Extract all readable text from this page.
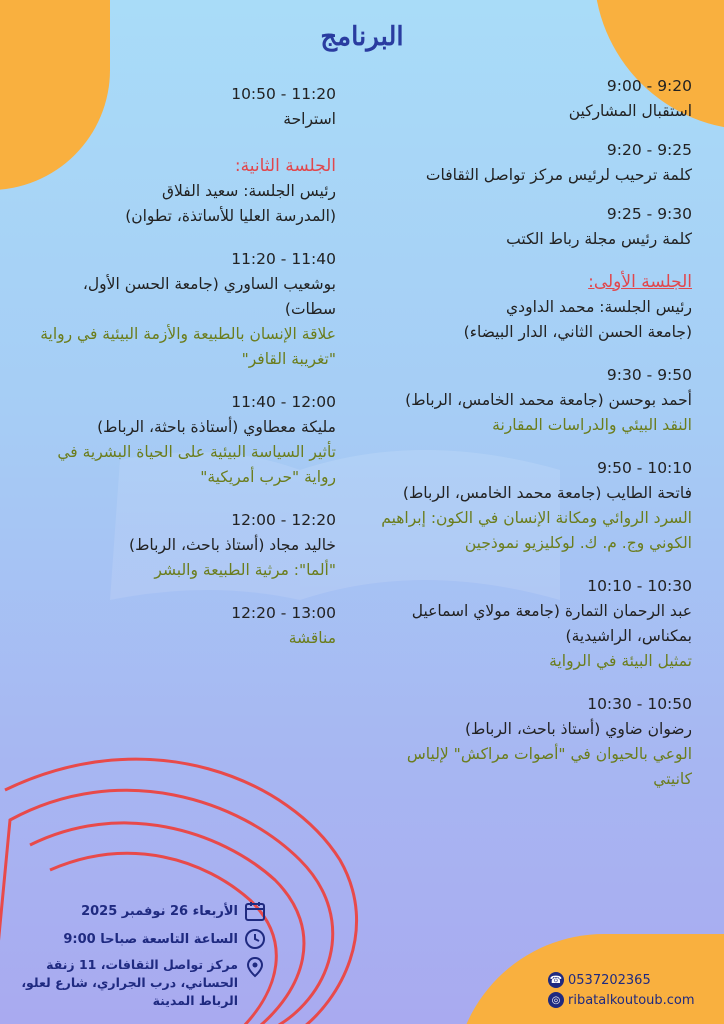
البرنامج
9:20 - 9:00
استقبال المشاركين
9:25 - 9:20
كلمة ترحيب لرئيس مركز تواصل الثقافات
9:30 - 9:25
كلمة رئيس مجلة رباط الكتب
الجلسة الأولى:
رئيس الجلسة: محمد الداودي
(جامعة الحسن الثاني، الدار البيضاء)
9:50 - 9:30
أحمد بوحسن (جامعة محمد الخامس، الرباط)
النقد البيئي والدراسات المقارنة
10:10 - 9:50
فاتحة الطايب (جامعة محمد الخامس، الرباط)
السرد الروائي ومكانة الإنسان في الكون: إبراهيم الكوني وج. م. ك. لوكليزيو نموذجين
10:30 - 10:10
عبد الرحمان التمارة (جامعة مولاي اسماعيل بمكناس، الراشيدية)
تمثيل البيئة في الرواية
10:50 - 10:30
رضوان ضاوي (أستاذ باحث، الرباط)
الوعي بالحيوان في "أصوات مراكش" لإلياس كانيتي
11:20 - 10:50
استراحة
الجلسة الثانية:
رئيس الجلسة: سعيد الفلاق
(المدرسة العليا للأساتذة، تطوان)
11:40 - 11:20
بوشعيب الساوري (جامعة الحسن الأول، سطات)
علاقة الإنسان بالطبيعة والأزمة البيئية في رواية "تغريبة القافر"
12:00 - 11:40
مليكة معطاوي (أستاذة باحثة، الرباط)
تأثير السياسة البيئية على الحياة البشرية في رواية "حرب أمريكية"
12:20 - 12:00
خاليد مجاد (أستاذ باحث، الرباط)
"ألما": مرثية الطبيعة والبشر
13:00 - 12:20
مناقشة
الأربعاء 26 نوفمبر 2025
الساعة التاسعة صباحا 9:00
مركز تواصل الثقافات، 11 زنقة الحساني، درب الجراري، شارع لعلو، الرباط المدينة
☎ 0537202365
◎ ribatalkoutoub.com
